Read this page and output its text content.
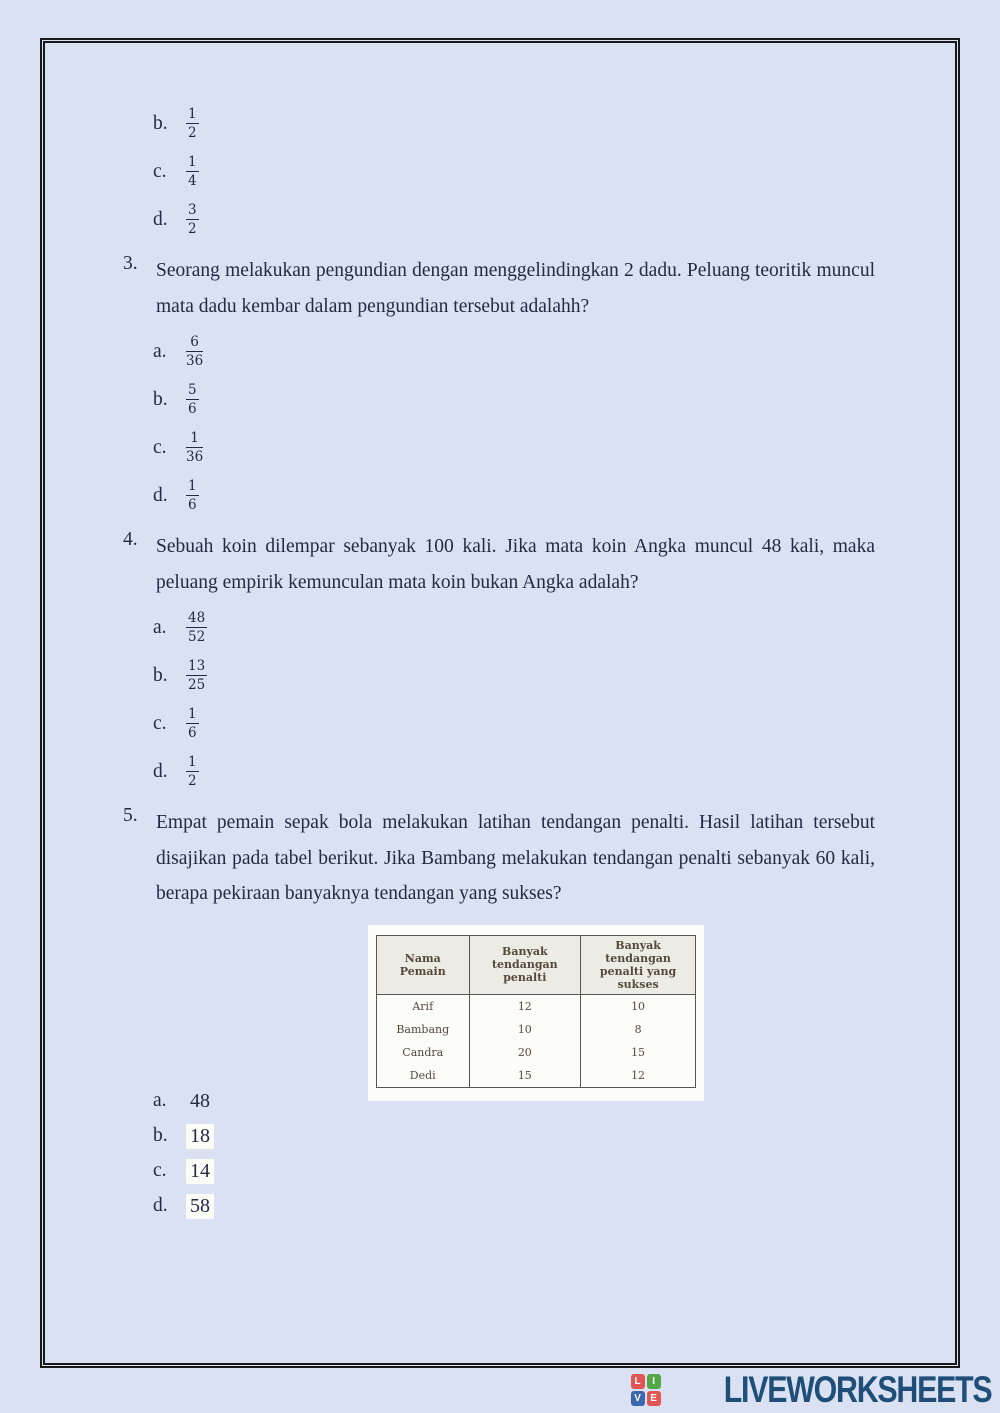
b.	$\frac{1}{2}$
c.	$\frac{1}{4}$
d.	$\frac{3}{2}$
3. Seorang melakukan pengundian dengan menggelindingkan 2 dadu. Peluang teoritik muncul mata dadu kembar dalam pengundian tersebut adalahh?
a.	$\frac{6}{36}$
b.	$\frac{5}{6}$
c.	$\frac{1}{36}$
d.	$\frac{1}{6}$
4. Sebuah koin dilempar sebanyak 100 kali. Jika mata koin Angka muncul 48 kali, maka peluang empirik kemunculan mata koin bukan Angka adalah?
a.	$\frac{48}{52}$
b.	$\frac{13}{25}$
c.	$\frac{1}{6}$
d.	$\frac{1}{2}$
5. Empat pemain sepak bola melakukan latihan tendangan penalti. Hasil latihan tersebut disajikan pada tabel berikut. Jika Bambang melakukan tendangan penalti sebanyak 60 kali, berapa pekiraan banyaknya tendangan yang sukses?
Nama Pemain	Banyak tendangan penalti	Banyak tendangan penalti yang sukses
Arif	12	10
Bambang	10	8
Candra	20	15
Dedi	15	12
a.	48
b.	18
c.	14
d.	58
L	I
V E LIVEWORKSHEETS
